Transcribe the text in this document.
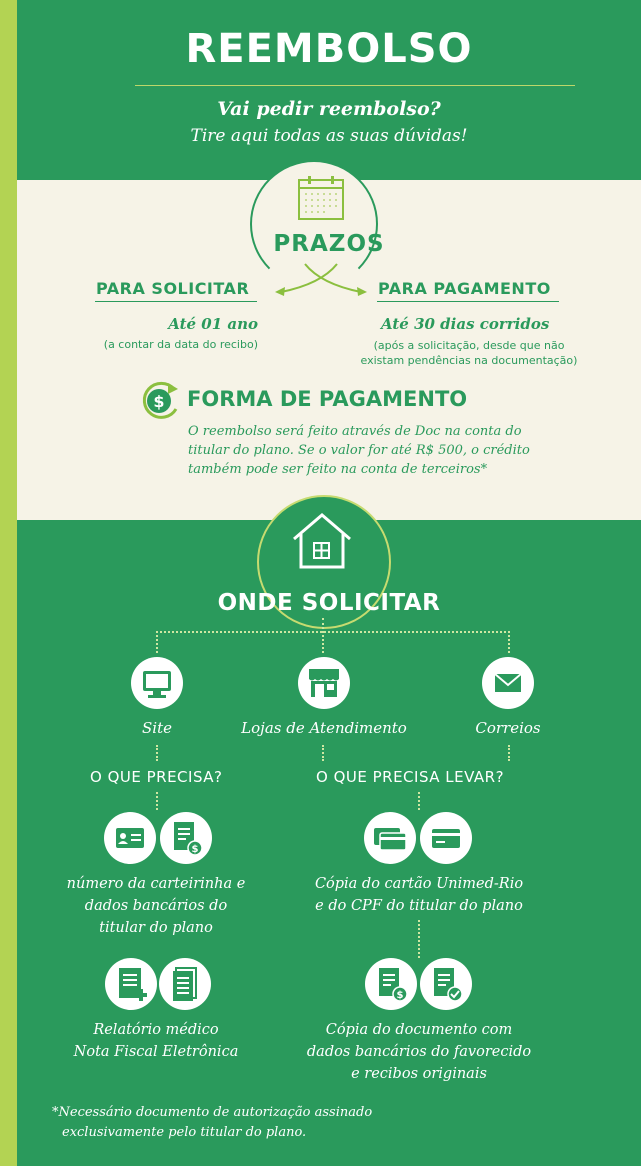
REEMBOLSO

Vai pedir reembolso?

Tire aqui todas as suas dúvidas!

PRAZOS

PARA SOLICITAR	PARA PAGAMENTO

Até 01 ano

(a contar da data do recibo)

Até 30 dias corridos

(após a solicitação, desde que não
existam pendências na documentação)
$ FORMA DE PAGAMENTO

O reembolso será feito através de Doc na conta do
titular do plano. Se o valor for até R$ 500, o crédito
também pode ser feito na conta de terceiros*

ONDE SOLICITAR

Site	Lojas de Atendimento	Correios

O QUE PRECISA?	O QUE PRECISA LEVAR?

$
número da carteirinha e
dados bancários do
titular do plano
Relatório médico
Nota Fiscal Eletrônica
Cópia do cartão Unimed-Rio
e do CPF do titular do plano
$
Cópia do documento com
dados bancários do favorecido
e recibos originais
*Necessário documento de autorização assinado
exclusivamente pelo titular do plano.
